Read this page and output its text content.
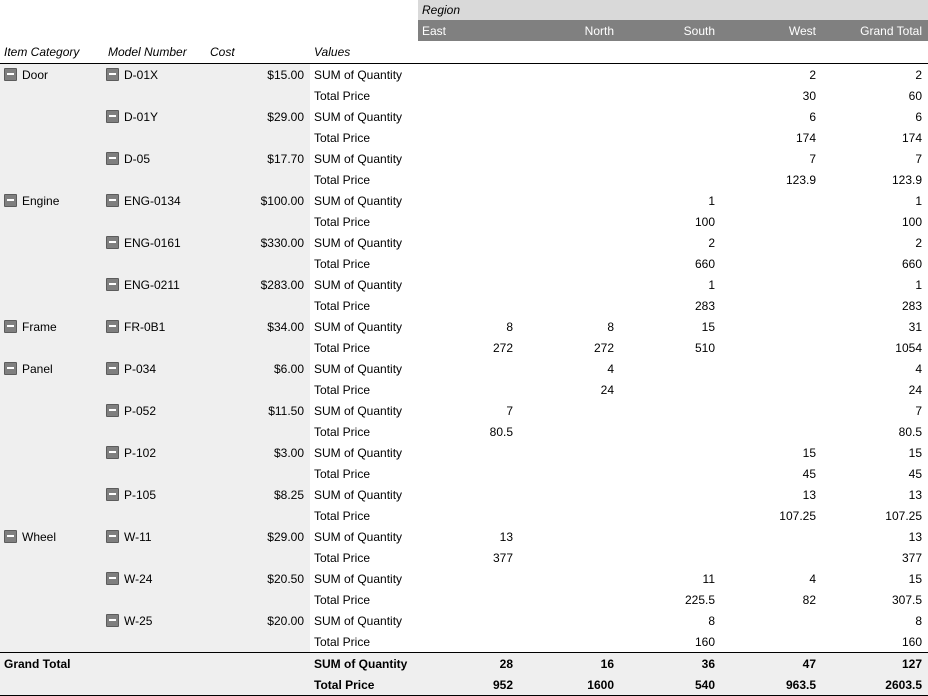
				Region				
				East	North	South	West	Grand Total
Item Category	Model Number	Cost	Values					

Door	D-01X	$15.00	SUM of Quantity				2	2
			Total Price				30	60

	D-01Y	$29.00	SUM of Quantity				6	6
			Total Price				174	174

	D-05	$17.70	SUM of Quantity				7	7
			Total Price				123.9	123.9

Engine	ENG-0134	$100.00	SUM of Quantity			1		1
			Total Price			100		100

	ENG-0161	$330.00	SUM of Quantity			2		2
			Total Price			660		660

	ENG-0211	$283.00	SUM of Quantity			1		1
			Total Price			283		283

Frame	FR-0B1	$34.00	SUM of Quantity	8	8	15		31
			Total Price	272	272	510		1054

Panel	P-034	$6.00	SUM of Quantity		4			4
			Total Price		24			24

	P-052	$11.50	SUM of Quantity	7				7
			Total Price	80.5				80.5

	P-102	$3.00	SUM of Quantity				15	15
			Total Price				45	45

	P-105	$8.25	SUM of Quantity				13	13
			Total Price				107.25	107.25

Wheel	W-11	$29.00	SUM of Quantity	13				13
			Total Price	377				377

	W-24	$20.50	SUM of Quantity			11	4	15
			Total Price			225.5	82	307.5

	W-25	$20.00	SUM of Quantity			8		8
			Total Price			160		160
Grand Total			SUM of Quantity	28	16	36	47	127
			Total Price	952	1600	540	963.5	2603.5
